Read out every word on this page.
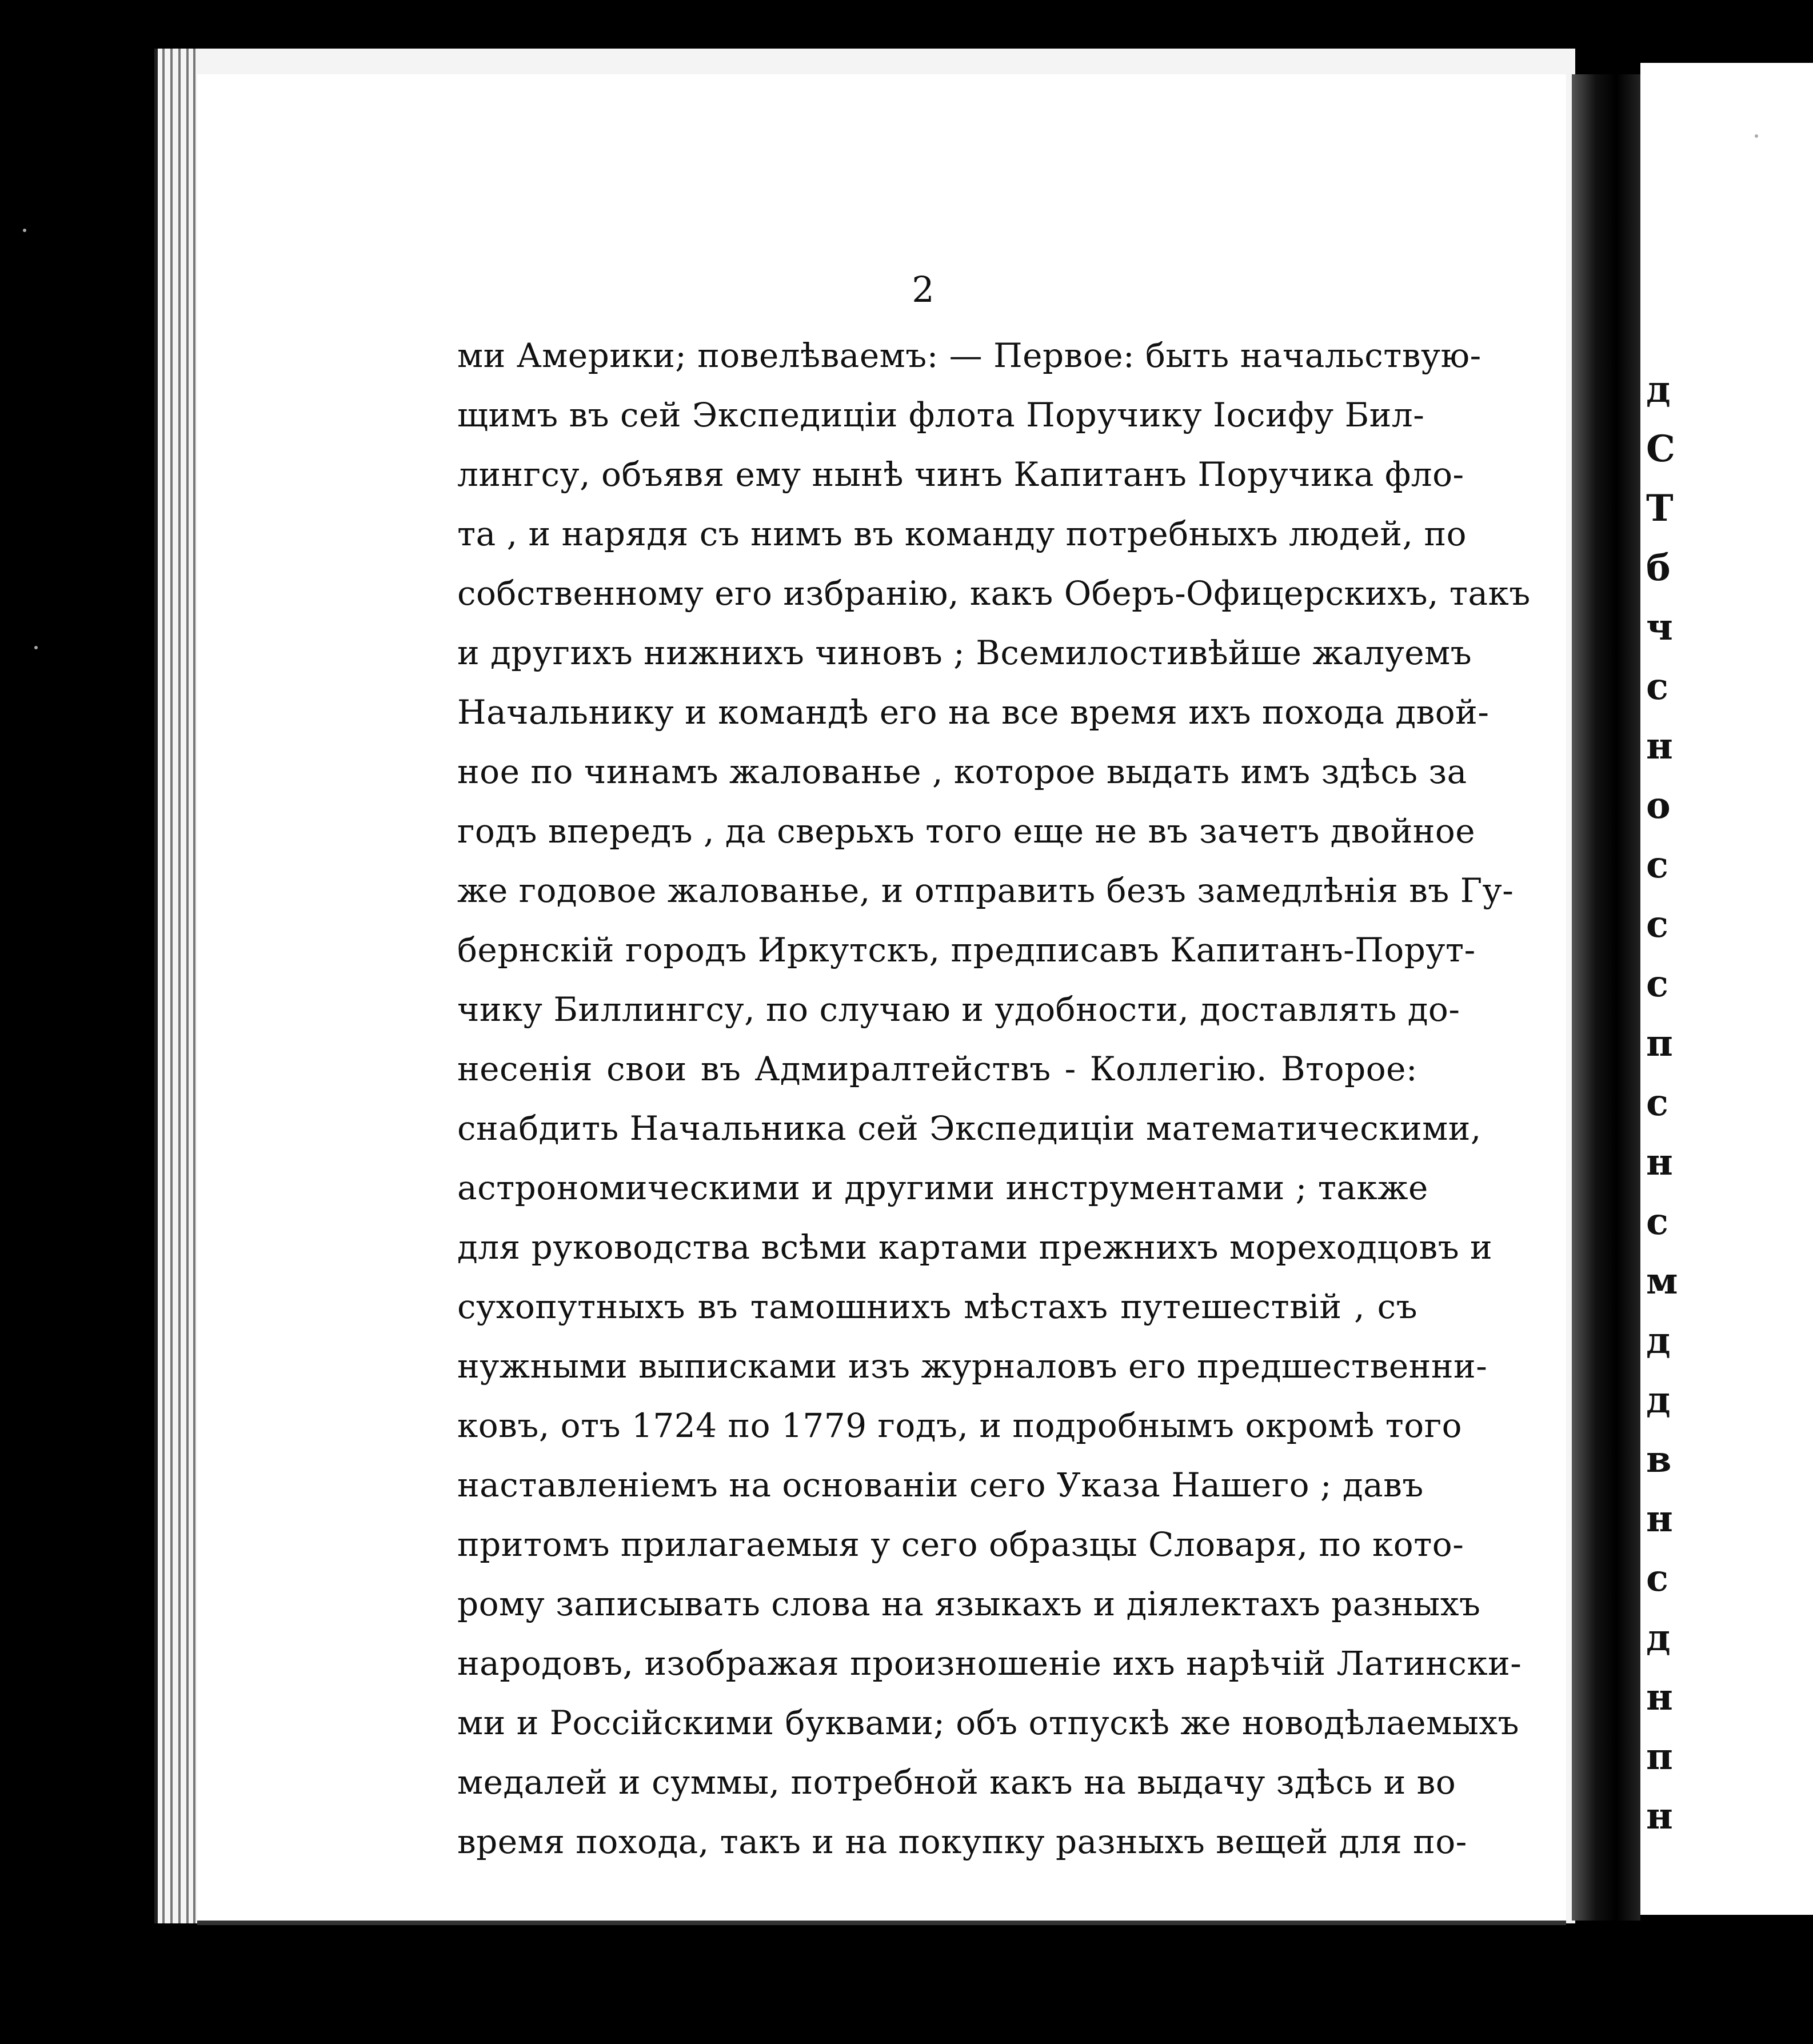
д
С
Т
б
ч
с
н
о
с
с
с
п
с
н
с
м
д
д
в
н
с
д
н
п
н
2
ми Америки; повелѣваемъ: — Первое: быть начальствую-
щимъ въ сей Экспедиціи флота Поручику Іосифу Бил-
лингсу, объявя ему нынѣ чинъ Капитанъ Поручика фло-
та , и нарядя съ нимъ въ команду потребныхъ людей, по
собственному его избранію, какъ Оберъ-Офицерскихъ, такъ
и другихъ нижнихъ чиновъ ; Всемилостивѣйше жалуемъ
Начальнику и командѣ его на все время ихъ похода двой-
ное по чинамъ жалованье , которое выдать имъ здѣсь за
годъ впередъ , да сверьхъ того еще не въ зачетъ двойное
же годовое жалованье, и отправить безъ замедлѣнія въ Гу-
бернскій городъ Иркутскъ, предписавъ Капитанъ-Порут-
чику Биллингсу, по случаю и удобности, доставлять до-
несенія свои въ Адмиралтействъ - Коллегію. Второе:
снабдить Начальника сей Экспедиціи математическими,
астрономическими и другими инструментами ; также
для руководства всѣми картами прежнихъ мореходцовъ и
сухопутныхъ въ тамошнихъ мѣстахъ путешествій , съ
нужными выписками изъ журналовъ его предшественни-
ковъ, отъ 1724 по 1779 годъ, и подробнымъ окромѣ того
наставленіемъ на основаніи сего Указа Нашего ; давъ
притомъ прилагаемыя у сего образцы Словаря, по кото-
рому записывать слова на языкахъ и діялектахъ разныхъ
народовъ, изображая произношеніе ихъ нарѣчій Латински-
ми и Россійскими буквами; объ отпускѣ же новодѣлаемыхъ
медалей и суммы, потребной какъ на выдачу здѣсь и во
время похода, такъ и на покупку разныхъ вещей для по-
